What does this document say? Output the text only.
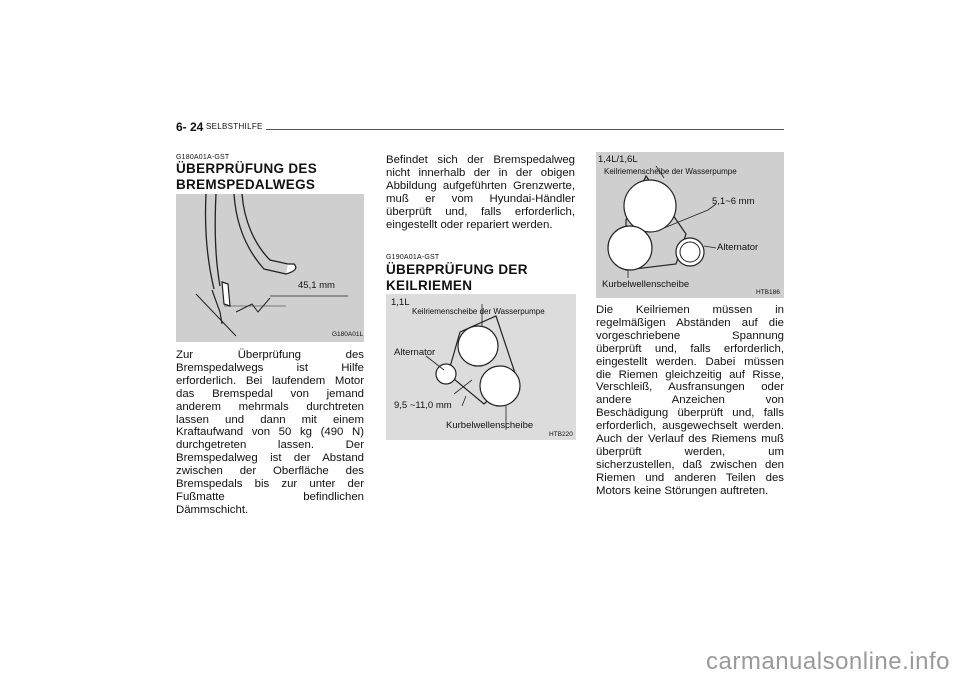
6- 24 SELBSTHILFE
G180A01A-GST
ÜBERPRÜFUNG DES
BREMSPEDALWEGS
45,1 mm
G180A01L
Zur Überprüfung des Bremspedalwegs ist Hilfe erforderlich. Bei laufendem Motor das Bremspedal von jemand anderem mehrmals durchtreten lassen und dann mit einem Kraftaufwand von 50 kg (490 N) durchgetreten lassen. Der Bremspedalweg ist der Abstand zwischen der Oberfläche des Bremspedals bis zur unter der Fußmatte befindlichen Dämmschicht.
Befindet sich der Bremspedalweg nicht innerhalb der in der obigen Abbildung aufgeführten Grenzwerte, muß er vom Hyundai-Händler überprüft und, falls erforderlich, eingestellt oder repariert werden.
G190A01A-GST
ÜBERPRÜFUNG DER
KEILRIEMEN
1,1L
Keilriemenscheibe der Wasserpumpe
Alternator
9,5 ~11,0 mm
Kurbelwellenscheibe
HTB220
1,4L/1,6L
Keilriemenscheibe der Wasserpumpe
5,1~6 mm
Alternator
Kurbelwellenscheibe
HTB186
Die Keilriemen müssen in regelmäßigen Abständen auf die vorgeschriebene Spannung überprüft und, falls erforderlich, eingestellt werden. Dabei müssen die Riemen gleichzeitig auf Risse, Verschleiß, Ausfransungen oder andere Anzeichen von Beschädigung überprüft und, falls erforderlich, ausgewechselt werden. Auch der Verlauf des Riemens muß überprüft werden, um sicherzustellen, daß zwischen den Riemen und anderen Teilen des Motors keine Störungen auftreten.
carmanualsonline.info
